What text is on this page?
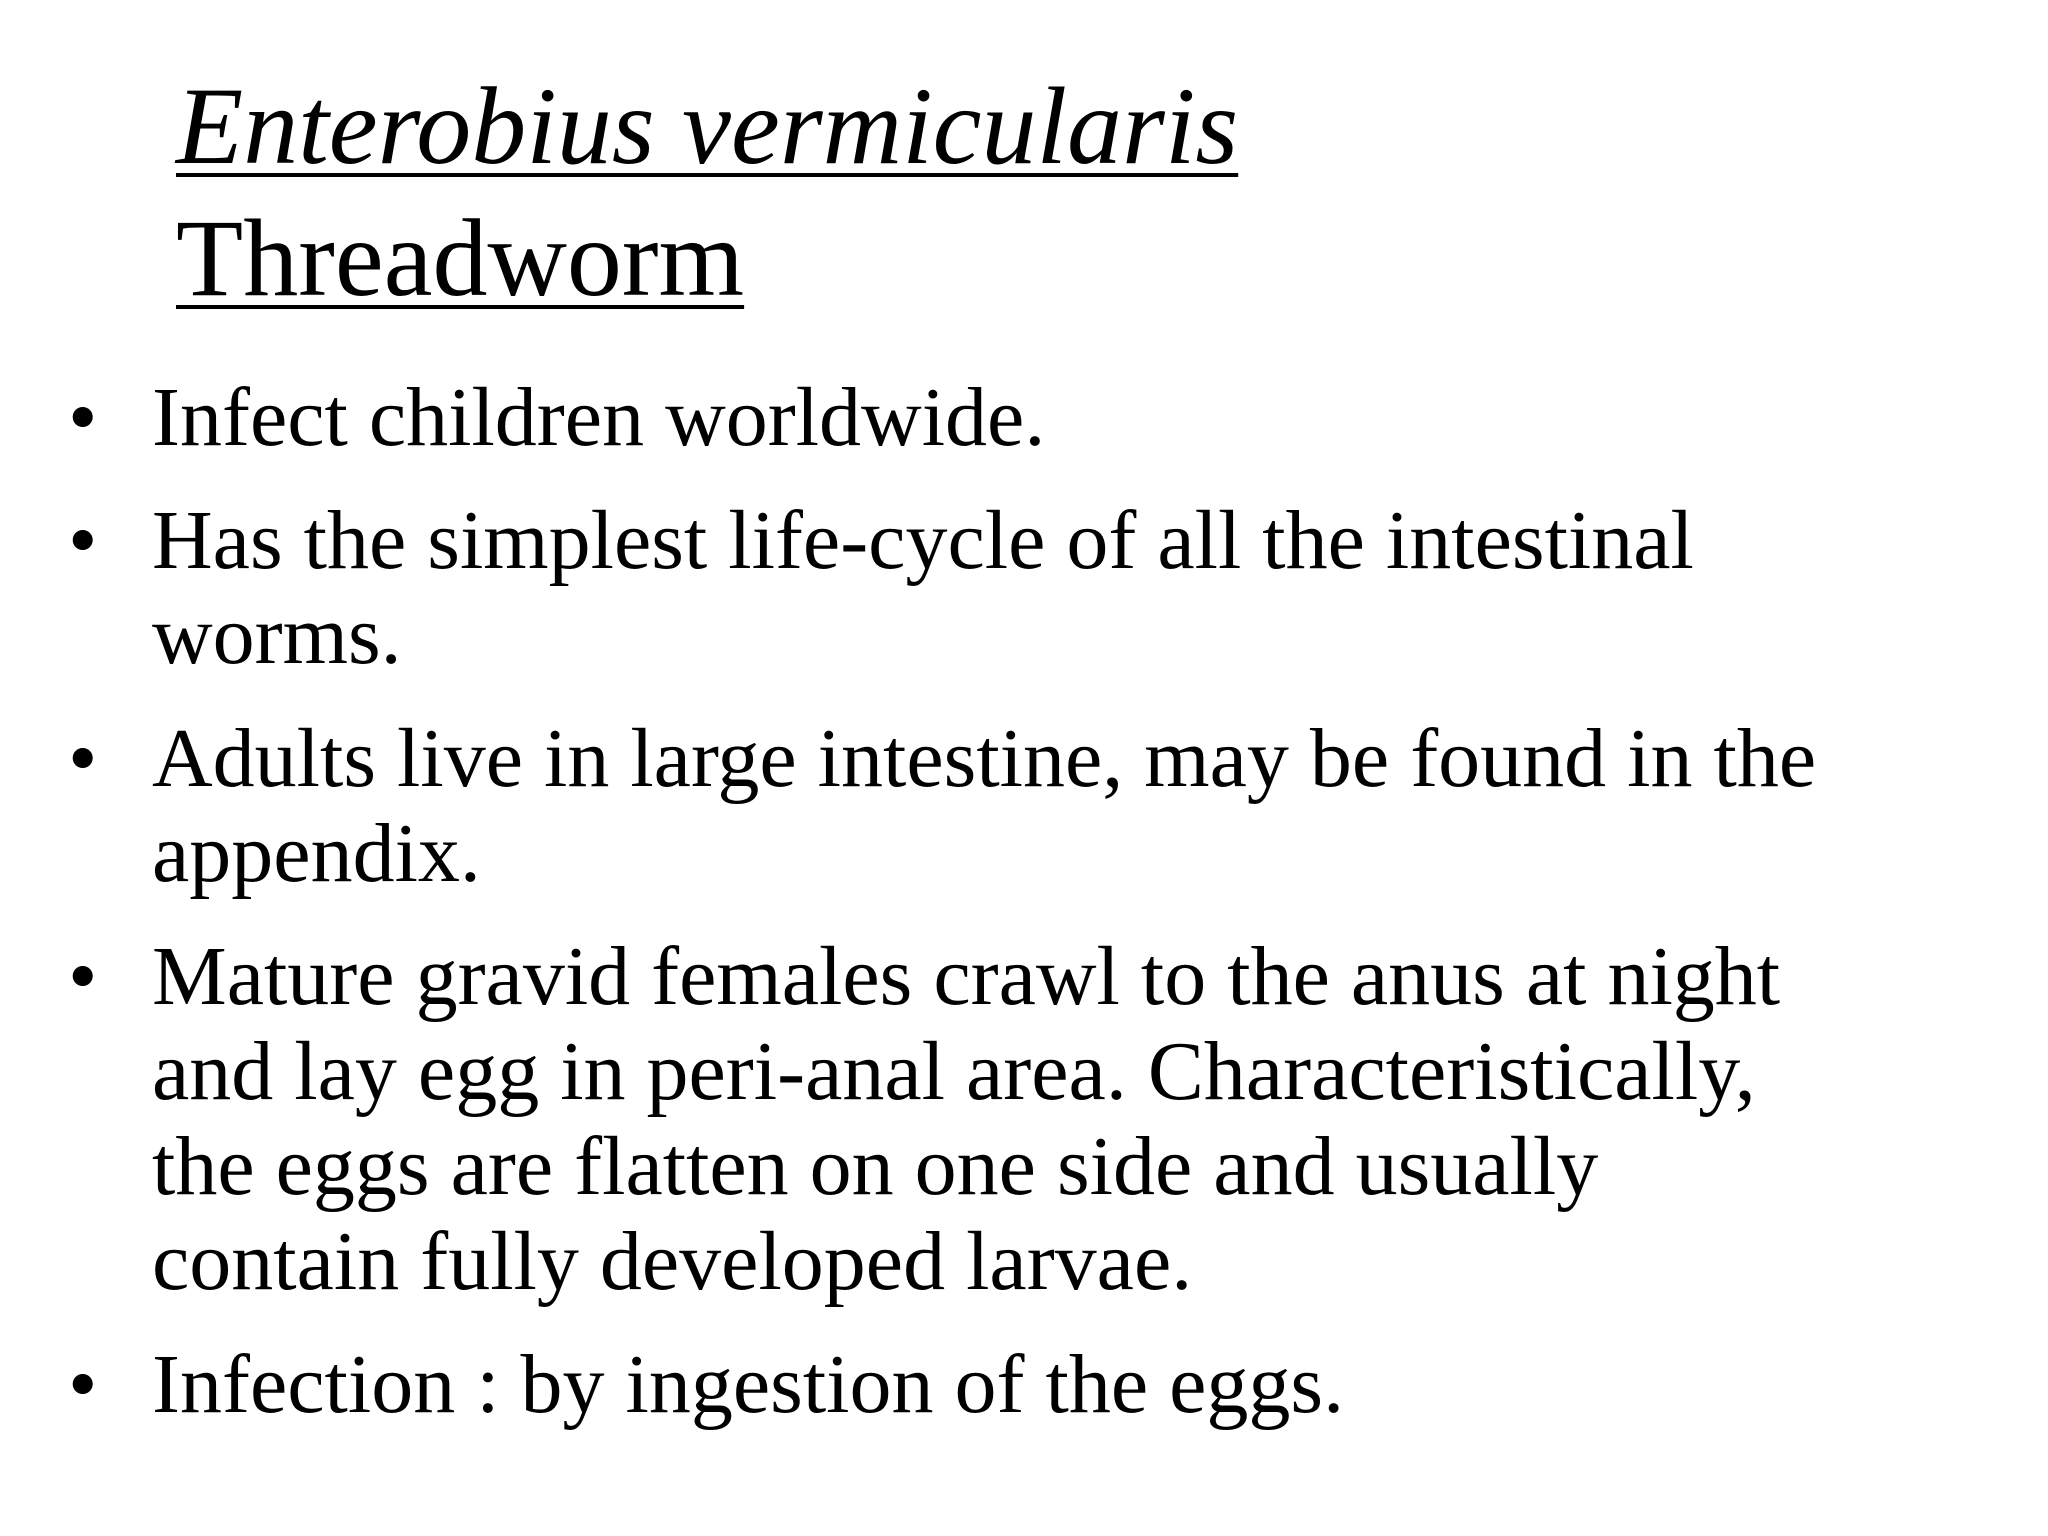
Enterobius vermicularis
Threadworm
• Infect children worldwide.
• Has the simplest life-cycle of all the intestinal
worms.
• Adults live in large intestine, may be found in the
appendix.
• Mature gravid females crawl to the anus at night
and lay egg in peri-anal area. Characteristically,
the eggs are flatten on one side and usually
contain fully developed larvae.
• Infection : by ingestion of the eggs.
